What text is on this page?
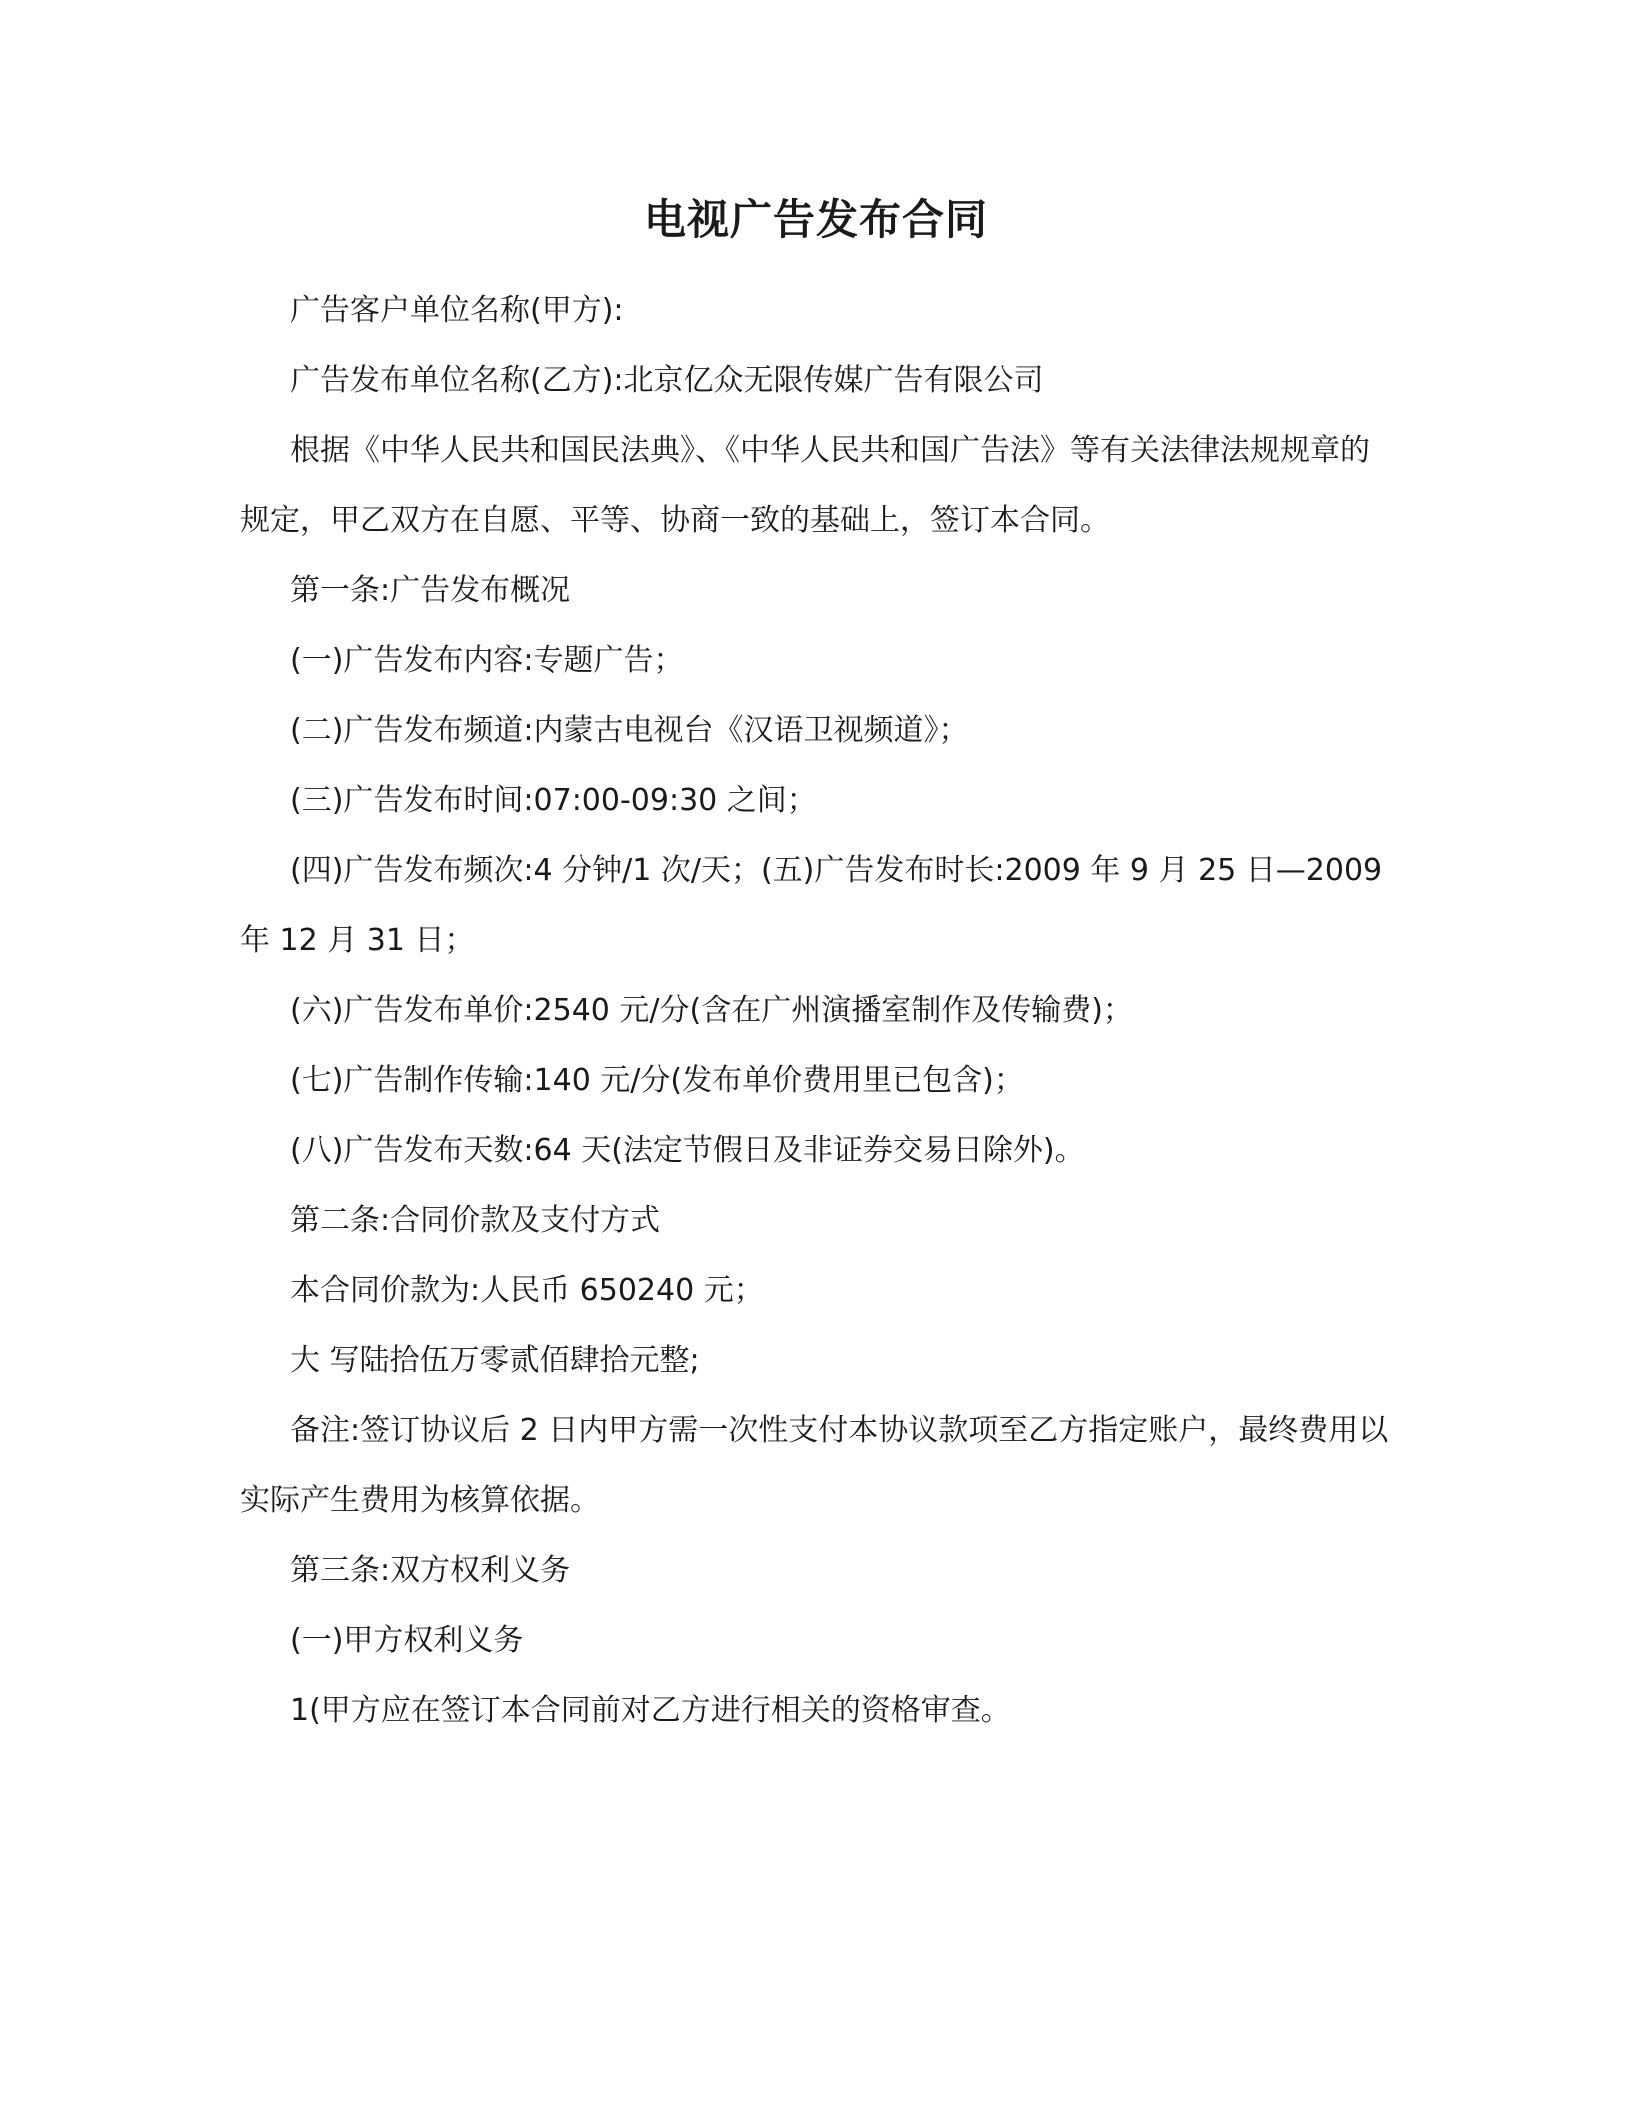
电视广告发布合同

广告客户单位名称(甲方):

广告发布单位名称(乙方):北京亿众无限传媒广告有限公司

根据《中华人民共和国民法典》、《中华人民共和国广告法》等有关法律法规规章的规定，甲乙双方在自愿、平等、协商一致的基础上，签订本合同。

第一条:广告发布概况

(一)广告发布内容:专题广告；

(二)广告发布频道:内蒙古电视台《汉语卫视频道》；

(三)广告发布时间:07:00-09:30 之间；

(四)广告发布频次:4 分钟/1 次/天；(五)广告发布时长:2009 年 9 月 25 日—2009 年 12 月 31 日；

(六)广告发布单价:2540 元/分(含在广州演播室制作及传输费)；

(七)广告制作传输:140 元/分(发布单价费用里已包含)；

(八)广告发布天数:64 天(法定节假日及非证券交易日除外)。

第二条:合同价款及支付方式

本合同价款为:人民币 650240 元；

大 写陆拾伍万零贰佰肆拾元整;

备注:签订协议后 2 日内甲方需一次性支付本协议款项至乙方指定账户，最终费用以实际产生费用为核算依据。

第三条:双方权利义务

(一)甲方权利义务

1(甲方应在签订本合同前对乙方进行相关的资格审查。
